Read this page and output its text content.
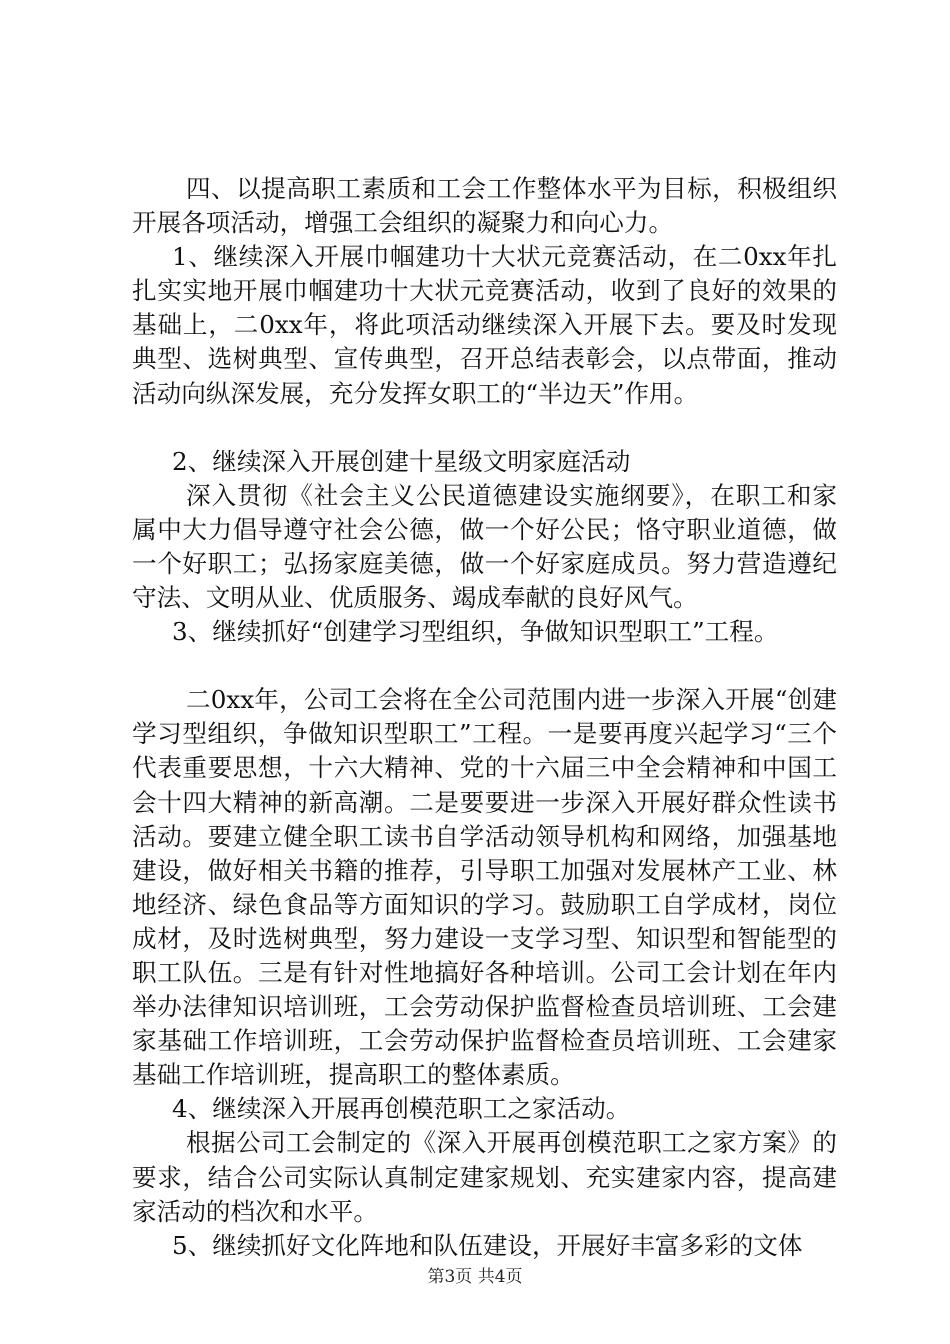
四、以提高职工素质和工会工作整体水平为目标，积极组织开展各项活动，增强工会组织的凝聚力和向心力。

1、继续深入开展巾帼建功十大状元竞赛活动，在二0xx年扎扎实实地开展巾帼建功十大状元竞赛活动，收到了良好的效果的基础上，二0xx年，将此项活动继续深入开展下去。要及时发现典型、选树典型、宣传典型，召开总结表彰会，以点带面，推动活动向纵深发展，充分发挥女职工的“半边天”作用。

2、继续深入开展创建十星级文明家庭活动

深入贯彻《社会主义公民道德建设实施纲要》，在职工和家属中大力倡导遵守社会公德，做一个好公民；恪守职业道德，做一个好职工；弘扬家庭美德，做一个好家庭成员。努力营造遵纪守法、文明从业、优质服务、竭成奉献的良好风气。

3、继续抓好“创建学习型组织，争做知识型职工”工程。

二0xx年，公司工会将在全公司范围内进一步深入开展“创建学习型组织，争做知识型职工”工程。一是要再度兴起学习“三个代表重要思想，十六大精神、党的十六届三中全会精神和中国工会十四大精神的新高潮。二是要要进一步深入开展好群众性读书活动。要建立健全职工读书自学活动领导机构和网络，加强基地建设，做好相关书籍的推荐，引导职工加强对发展林产工业、林地经济、绿色食品等方面知识的学习。鼓励职工自学成材，岗位成材，及时选树典型，努力建设一支学习型、知识型和智能型的职工队伍。三是有针对性地搞好各种培训。公司工会计划在年内举办法律知识培训班，工会劳动保护监督检查员培训班、工会建家基础工作培训班，工会劳动保护监督检查员培训班、工会建家基础工作培训班，提高职工的整体素质。

4、继续深入开展再创模范职工之家活动。

根据公司工会制定的《深入开展再创模范职工之家方案》的要求，结合公司实际认真制定建家规划、充实建家内容，提高建家活动的档次和水平。

5、继续抓好文化阵地和队伍建设，开展好丰富多彩的文体

第3页 共4页
